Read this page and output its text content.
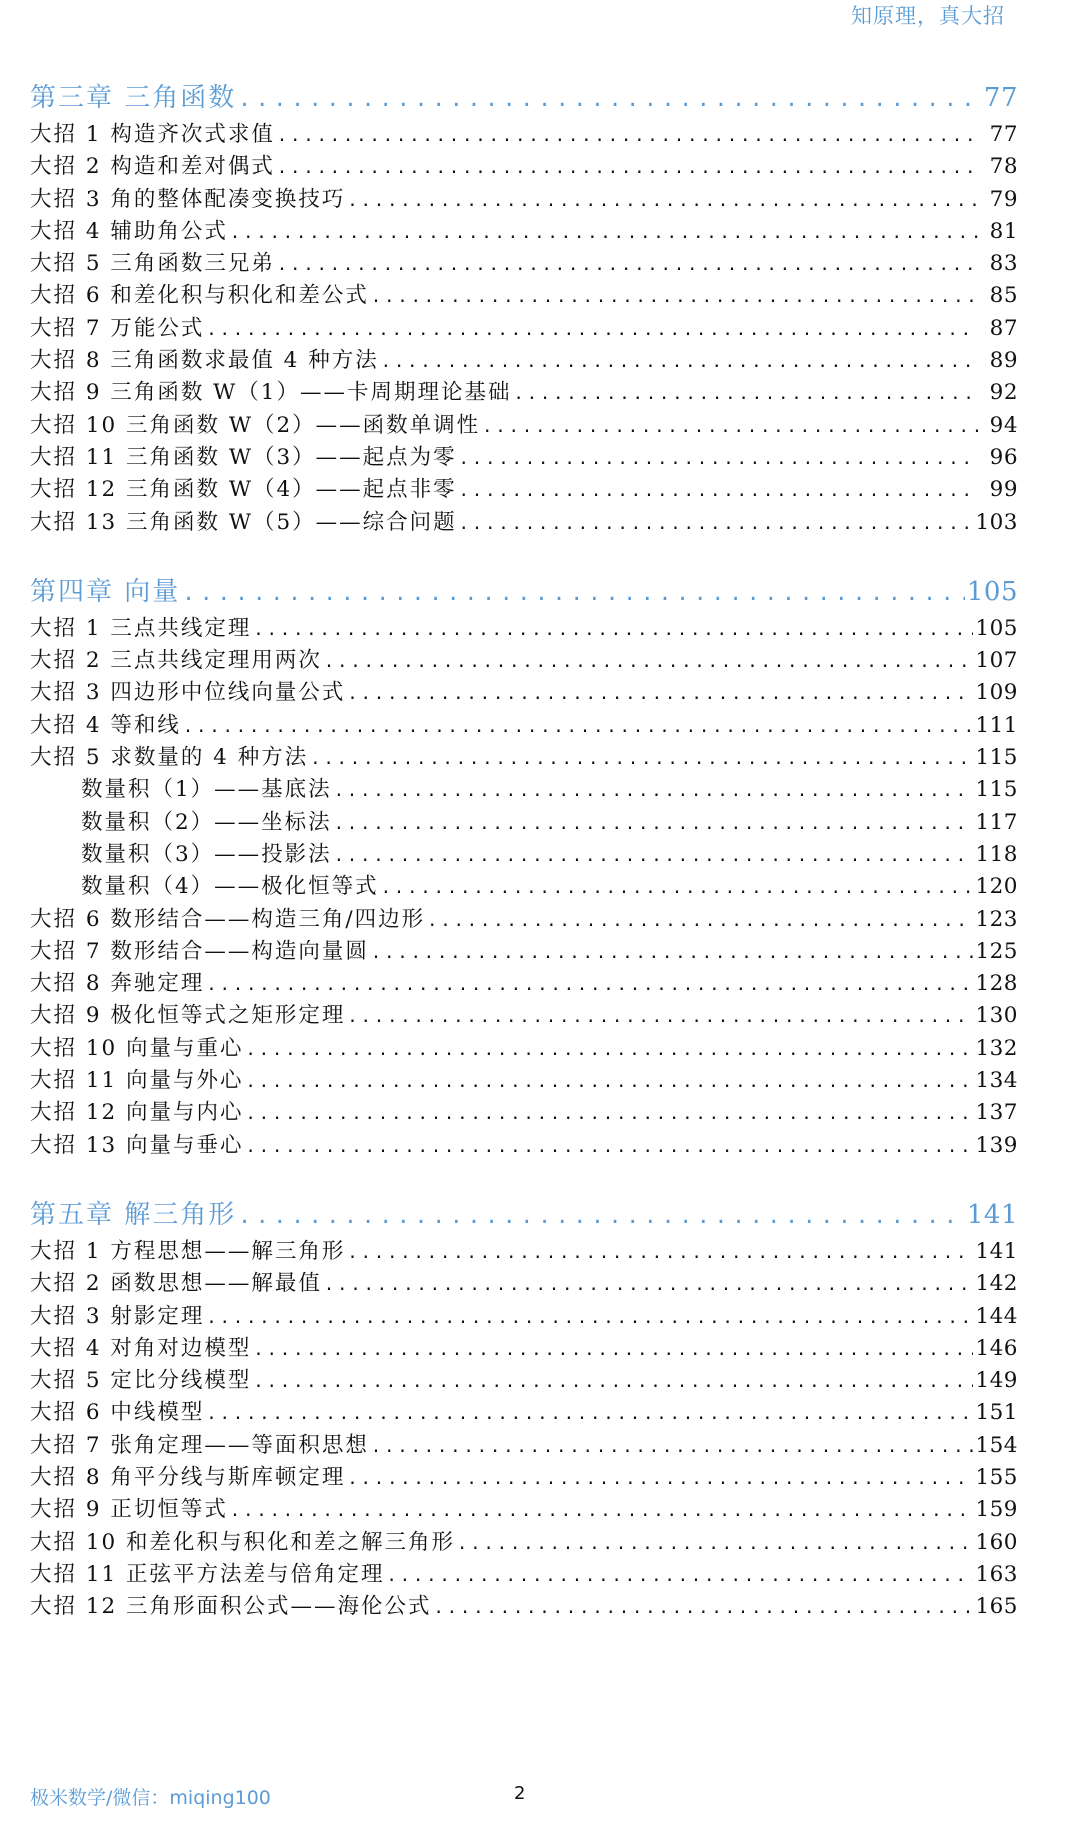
知原理，真大招
第三章 三角函数 .....	77
大招 1 构造齐次式求值 .....	77
大招 2 构造和差对偶式 .....	78
大招 3 角的整体配凑变换技巧 .....	79
大招 4 辅助角公式 .....	81
大招 5 三角函数三兄弟 .....	83
大招 6 和差化积与积化和差公式 .....	85
大招 7 万能公式 .....	87
大招 8 三角函数求最值 4 种方法 .....	89
大招 9 三角函数 W（1）——卡周期理论基础 .....	92
大招 10 三角函数 W（2）——函数单调性 .....	94
大招 11 三角函数 W（3）——起点为零 .....	96
大招 12 三角函数 W（4）——起点非零 .....	99
大招 13 三角函数 W（5）——综合问题 .....	103
第四章 向量 .....	105
大招 1 三点共线定理 .....	105
大招 2 三点共线定理用两次 .....	107
大招 3 四边形中位线向量公式 .....	109
大招 4 等和线 .....	111
大招 5 求数量的 4 种方法 .....	115
数量积（1）——基底法 .....	115
数量积（2）——坐标法 .....	117
数量积（3）——投影法 .....	118
数量积（4）——极化恒等式 .....	120
大招 6 数形结合——构造三角/四边形 .....	123
大招 7 数形结合——构造向量圆 .....	125
大招 8 奔驰定理 .....	128
大招 9 极化恒等式之矩形定理 .....	130
大招 10 向量与重心 .....	132
大招 11 向量与外心 .....	134
大招 12 向量与内心 .....	137
大招 13 向量与垂心 .....	139
第五章 解三角形 .....	141
大招 1 方程思想——解三角形 .....	141
大招 2 函数思想——解最值 .....	142
大招 3 射影定理 .....	144
大招 4 对角对边模型 .....	146
大招 5 定比分线模型 .....	149
大招 6 中线模型 .....	151
大招 7 张角定理——等面积思想 .....	154
大招 8 角平分线与斯库顿定理 .....	155
大招 9 正切恒等式 .....	159
大招 10 和差化积与积化和差之解三角形 .....	160
大招 11 正弦平方法差与倍角定理 .....	163
大招 12 三角形面积公式——海伦公式 .....	165
极米数学/微信：miqing100	2
